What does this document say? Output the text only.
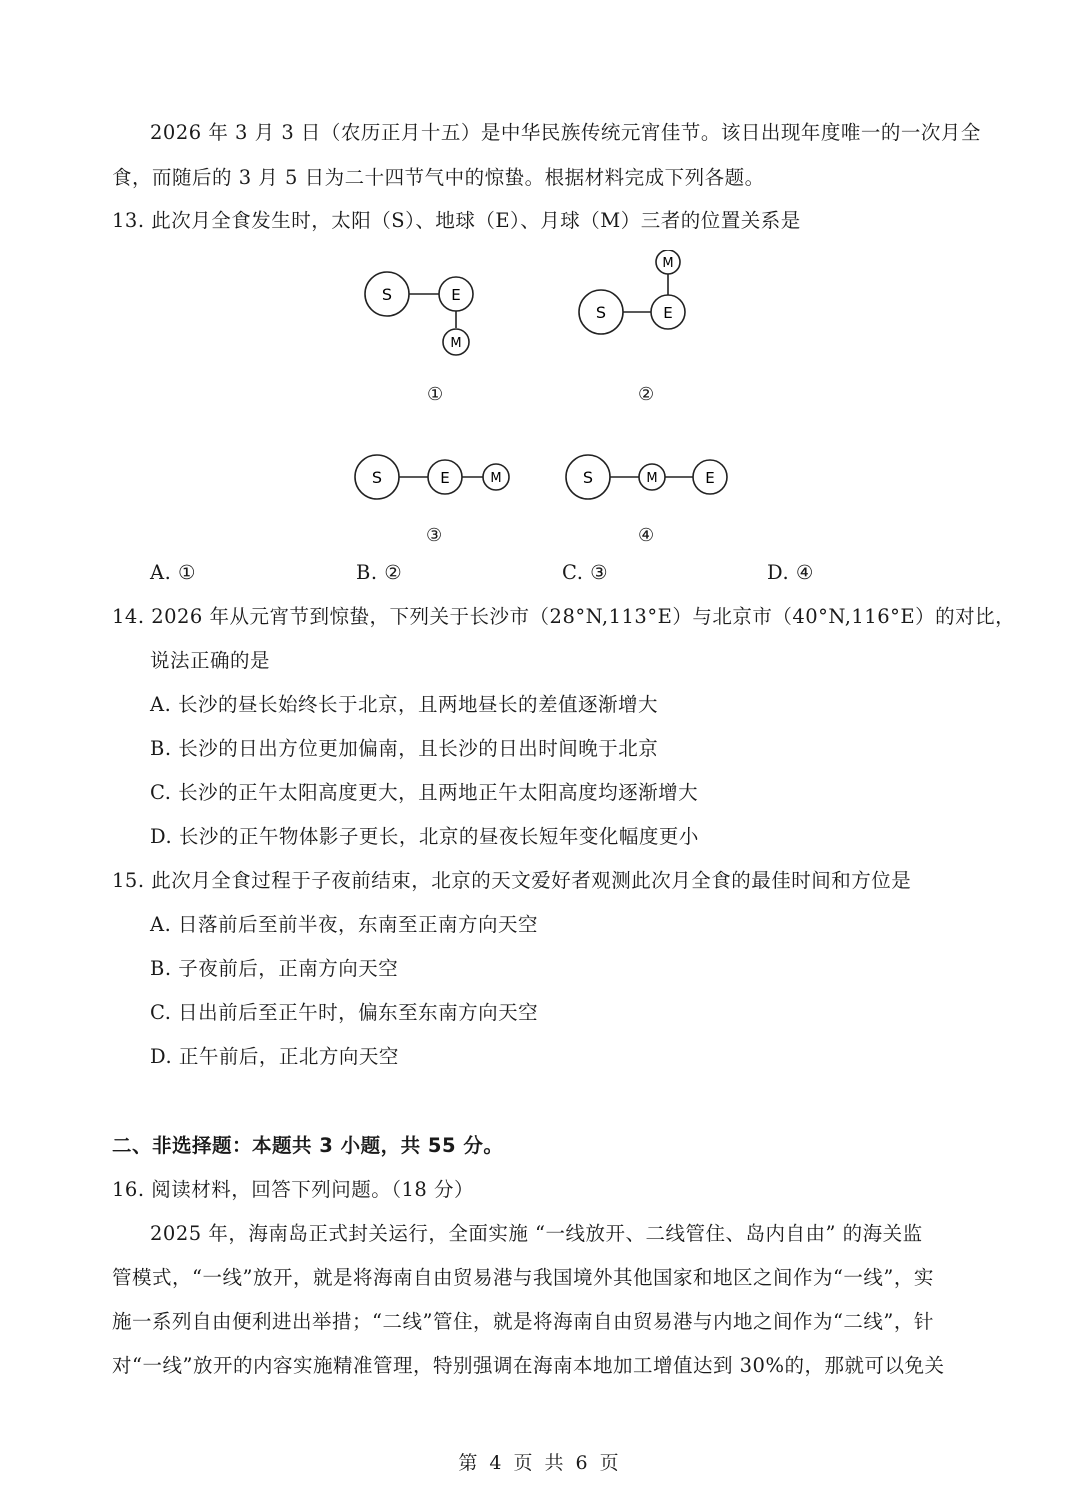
2026 年 3 月 3 日（农历正月十五）是中华民族传统元宵佳节。该日出现年度唯一的一次月全
食，而随后的 3 月 5 日为二十四节气中的惊蛰。根据材料完成下列各题。
13. 此次月全食发生时，太阳（S）、地球（E）、月球（M）三者的位置关系是
S	E
M
①
M
S	E
②
S	E	M
③
S	M	E
④
A. ①	B. ②	C. ③	D. ④
14. 2026 年从元宵节到惊蛰，下列关于长沙市（28°N,113°E）与北京市（40°N,116°E）的对比，
说法正确的是
A. 长沙的昼长始终长于北京，且两地昼长的差值逐渐增大
B. 长沙的日出方位更加偏南，且长沙的日出时间晚于北京
C. 长沙的正午太阳高度更大，且两地正午太阳高度均逐渐增大
D. 长沙的正午物体影子更长，北京的昼夜长短年变化幅度更小
15. 此次月全食过程于子夜前结束，北京的天文爱好者观测此次月全食的最佳时间和方位是
A. 日落前后至前半夜，东南至正南方向天空
B. 子夜前后，正南方向天空
C. 日出前后至正午时，偏东至东南方向天空
D. 正午前后，正北方向天空
二、非选择题：本题共 3 小题，共 55 分。
16. 阅读材料，回答下列问题。（18 分）
2025 年，海南岛正式封关运行，全面实施 “一线放开、二线管住、岛内自由” 的海关监
管模式，“一线”放开，就是将海南自由贸易港与我国境外其他国家和地区之间作为“一线”，实
施一系列自由便利进出举措；“二线”管住，就是将海南自由贸易港与内地之间作为“二线”，针
对“一线”放开的内容实施精准管理，特别强调在海南本地加工增值达到 30%的，那就可以免关
第 4 页 共 6 页
